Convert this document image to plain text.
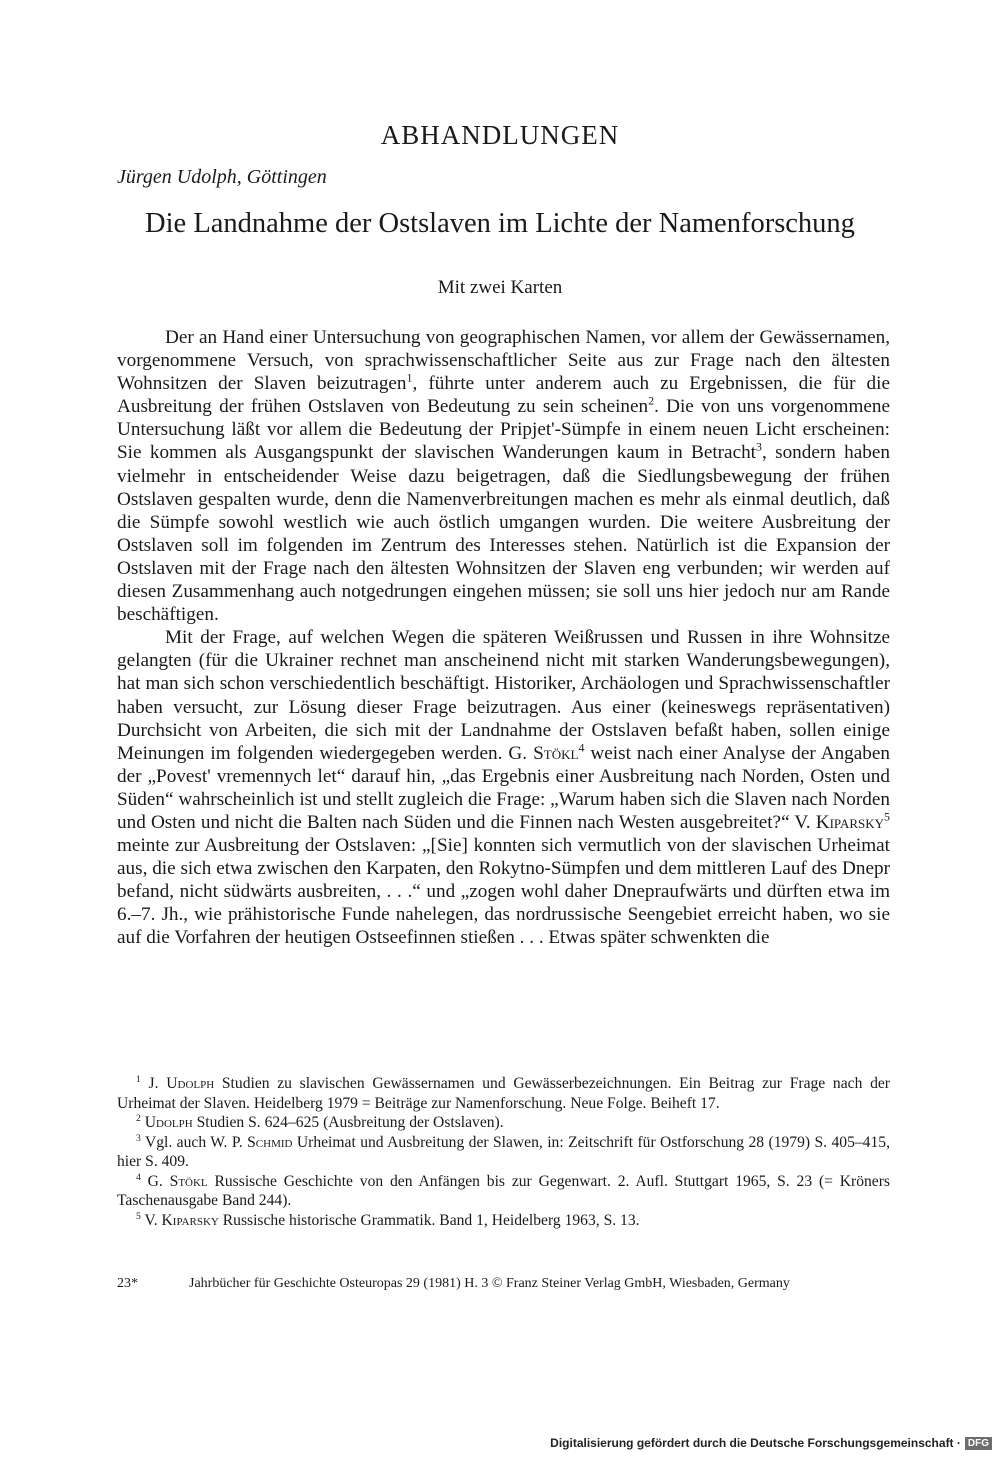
ABHANDLUNGEN

Jürgen Udolph, Göttingen

Die Landnahme der Ostslaven im Lichte der Namenforschung

Mit zwei Karten

Der an Hand einer Untersuchung von geographischen Namen, vor allem der Gewässernamen, vorgenommene Versuch, von sprachwissenschaftlicher Seite aus zur Frage nach den ältesten Wohnsitzen der Slaven beizutragen$^1$, führte unter anderem auch zu Ergebnissen, die für die Ausbreitung der frühen Ostslaven von Bedeutung zu sein scheinen$^2$. Die von uns vorgenommene Untersuchung läßt vor allem die Bedeutung der Pripjet'-Sümpfe in einem neuen Licht erscheinen: Sie kommen als Ausgangspunkt der slavischen Wanderungen kaum in Betracht$^3$, sondern haben vielmehr in entscheidender Weise dazu beigetragen, daß die Siedlungsbewegung der frühen Ostslaven gespalten wurde, denn die Namenverbreitungen machen es mehr als einmal deutlich, daß die Sümpfe sowohl westlich wie auch östlich umgangen wurden. Die weitere Ausbreitung der Ostslaven soll im folgenden im Zentrum des Interesses stehen. Natürlich ist die Expansion der Ostslaven mit der Frage nach den ältesten Wohnsitzen der Slaven eng verbunden; wir werden auf diesen Zusammenhang auch notgedrungen eingehen müssen; sie soll uns hier jedoch nur am Rande beschäftigen.

Mit der Frage, auf welchen Wegen die späteren Weißrussen und Russen in ihre Wohnsitze gelangten (für die Ukrainer rechnet man anscheinend nicht mit starken Wanderungsbewegungen), hat man sich schon verschiedentlich beschäftigt. Historiker, Archäologen und Sprachwissenschaftler haben versucht, zur Lösung dieser Frage beizutragen. Aus einer (keineswegs repräsentativen) Durchsicht von Arbeiten, die sich mit der Landnahme der Ostslaven befaßt haben, sollen einige Meinungen im folgenden wiedergegeben werden. G. Stökl$^4$ weist nach einer Analyse der Angaben der „Povest' vremennych let“ darauf hin, „das Ergebnis einer Ausbreitung nach Norden, Osten und Süden“ wahrscheinlich ist und stellt zugleich die Frage: „Warum haben sich die Slaven nach Norden und Osten und nicht die Balten nach Süden und die Finnen nach Westen ausgebreitet?“ V. Kiparsky$^5$ meinte zur Ausbreitung der Ostslaven: „[Sie] konnten sich vermutlich von der slavischen Urheimat aus, die sich etwa zwischen den Karpaten, den Rokytno-Sümpfen und dem mittleren Lauf des Dnepr befand, nicht südwärts ausbreiten, . . .“ und „zogen wohl daher Dnepraufwärts und dürften etwa im 6.–7. Jh., wie prähistorische Funde nahelegen, das nordrussische Seengebiet erreicht haben, wo sie auf die Vorfahren der heutigen Ostseefinnen stießen . . . Etwas später schwenkten die

$^1$ J. Udolph Studien zu slavischen Gewässernamen und Gewässerbezeichnungen. Ein Beitrag zur Frage nach der Urheimat der Slaven. Heidelberg 1979 = Beiträge zur Namenforschung. Neue Folge. Beiheft 17.

$^2$ Udolph Studien S. 624–625 (Ausbreitung der Ostslaven).

$^3$ Vgl. auch W. P. Schmid Urheimat und Ausbreitung der Slawen, in: Zeitschrift für Ostforschung 28 (1979) S. 405–415, hier S. 409.

$^4$ G. Stökl Russische Geschichte von den Anfängen bis zur Gegenwart. 2. Aufl. Stuttgart 1965, S. 23 (= Kröners Taschenausgabe Band 244).

$^5$ V. Kiparsky Russische historische Grammatik. Band 1, Heidelberg 1963, S. 13.

23*	Jahrbücher für Geschichte Osteuropas 29 (1981) H. 3 © Franz Steiner Verlag GmbH, Wiesbaden, Germany

Digitalisierung gefördert durch die Deutsche Forschungsgemeinschaft · DFG
